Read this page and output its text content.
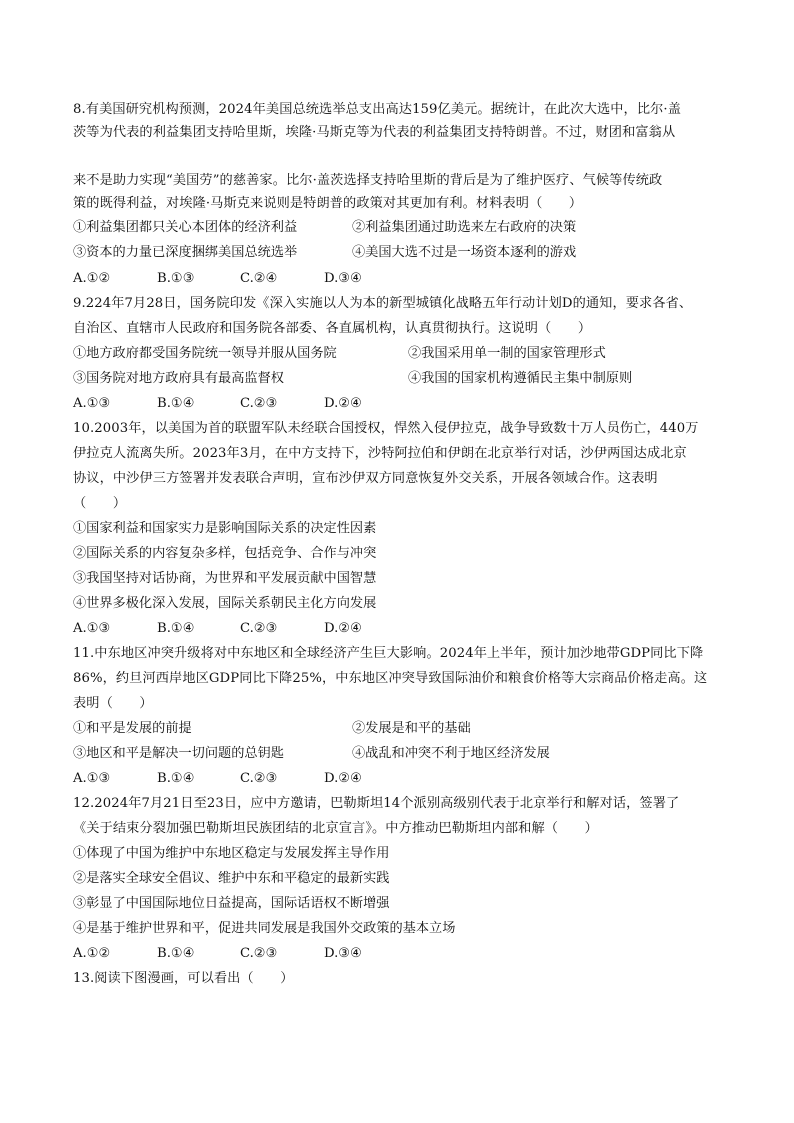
8.有美国研究机构预测，2024年美国总统选举总支出高达159亿美元。据统计，在此次大选中，比尔·盖
茨等为代表的利益集团支持哈里斯，埃隆·马斯克等为代表的利益集团支持特朗普。不过，财团和富翁从
来不是助力实现“美国劳”的慈善家。比尔·盖茨选择支持哈里斯的背后是为了维护医疗、气候等传统政
策的既得利益，对埃隆·马斯克来说则是特朗普的政策对其更加有利。材料表明（　　）
①利益集团都只关心本团体的经济利益	②利益集团通过助选来左右政府的决策
③资本的力量已深度捆绑美国总统选举	④美国大选不过是一场资本逐利的游戏
A.①②	B.①③	C.②④	D.③④
9.224年7月28日，国务院印发《深入实施以人为本的新型城镇化战略五年行动计划D的通知，要求各省、
自治区、直辖市人民政府和国务院各部委、各直属机构，认真贯彻执行。这说明（　　）
①地方政府都受国务院统一领导并服从国务院	②我国采用单一制的国家管理形式
③国务院对地方政府具有最高监督权	④我国的国家机构遵循民主集中制原则
A.①③	B.①④	C.②③	D.②④
10.2003年，以美国为首的联盟军队未经联合国授权，悍然入侵伊拉克，战争导致数十万人员伤亡，440万
伊拉克人流离失所。2023年3月，在中方支持下，沙特阿拉伯和伊朗在北京举行对话，沙伊两国达成北京
协议，中沙伊三方签署并发表联合声明，宣布沙伊双方同意恢复外交关系，开展各领域合作。这表明
（　　）
①国家利益和国家实力是影响国际关系的决定性因素
②国际关系的内容复杂多样，包括竞争、合作与冲突
③我国坚持对话协商，为世界和平发展贡献中国智慧
④世界多极化深入发展，国际关系朝民主化方向发展
A.①③	B.①④	C.②③	D.②④
11.中东地区冲突升级将对中东地区和全球经济产生巨大影响。2024年上半年，预计加沙地带GDP同比下降
86%，约旦河西岸地区GDP同比下降25%，中东地区冲突导致国际油价和粮食价格等大宗商品价格走高。这
表明（　　）
①和平是发展的前提	②发展是和平的基础
③地区和平是解决一切问题的总钥匙	④战乱和冲突不利于地区经济发展
A.①③	B.①④	C.②③	D.②④
12.2024年7月21日至23日，应中方邀请，巴勒斯坦14个派别高级别代表于北京举行和解对话，签署了
《关于结束分裂加强巴勒斯坦民族团结的北京宣言》。中方推动巴勒斯坦内部和解（　　）
①体现了中国为维护中东地区稳定与发展发挥主导作用
②是落实全球安全倡议、维护中东和平稳定的最新实践
③彰显了中国国际地位日益提高，国际话语权不断增强
④是基于维护世界和平，促进共同发展是我国外交政策的基本立场
A.①②	B.①④	C.②③	D.③④
13.阅读下图漫画，可以看出（　　）
